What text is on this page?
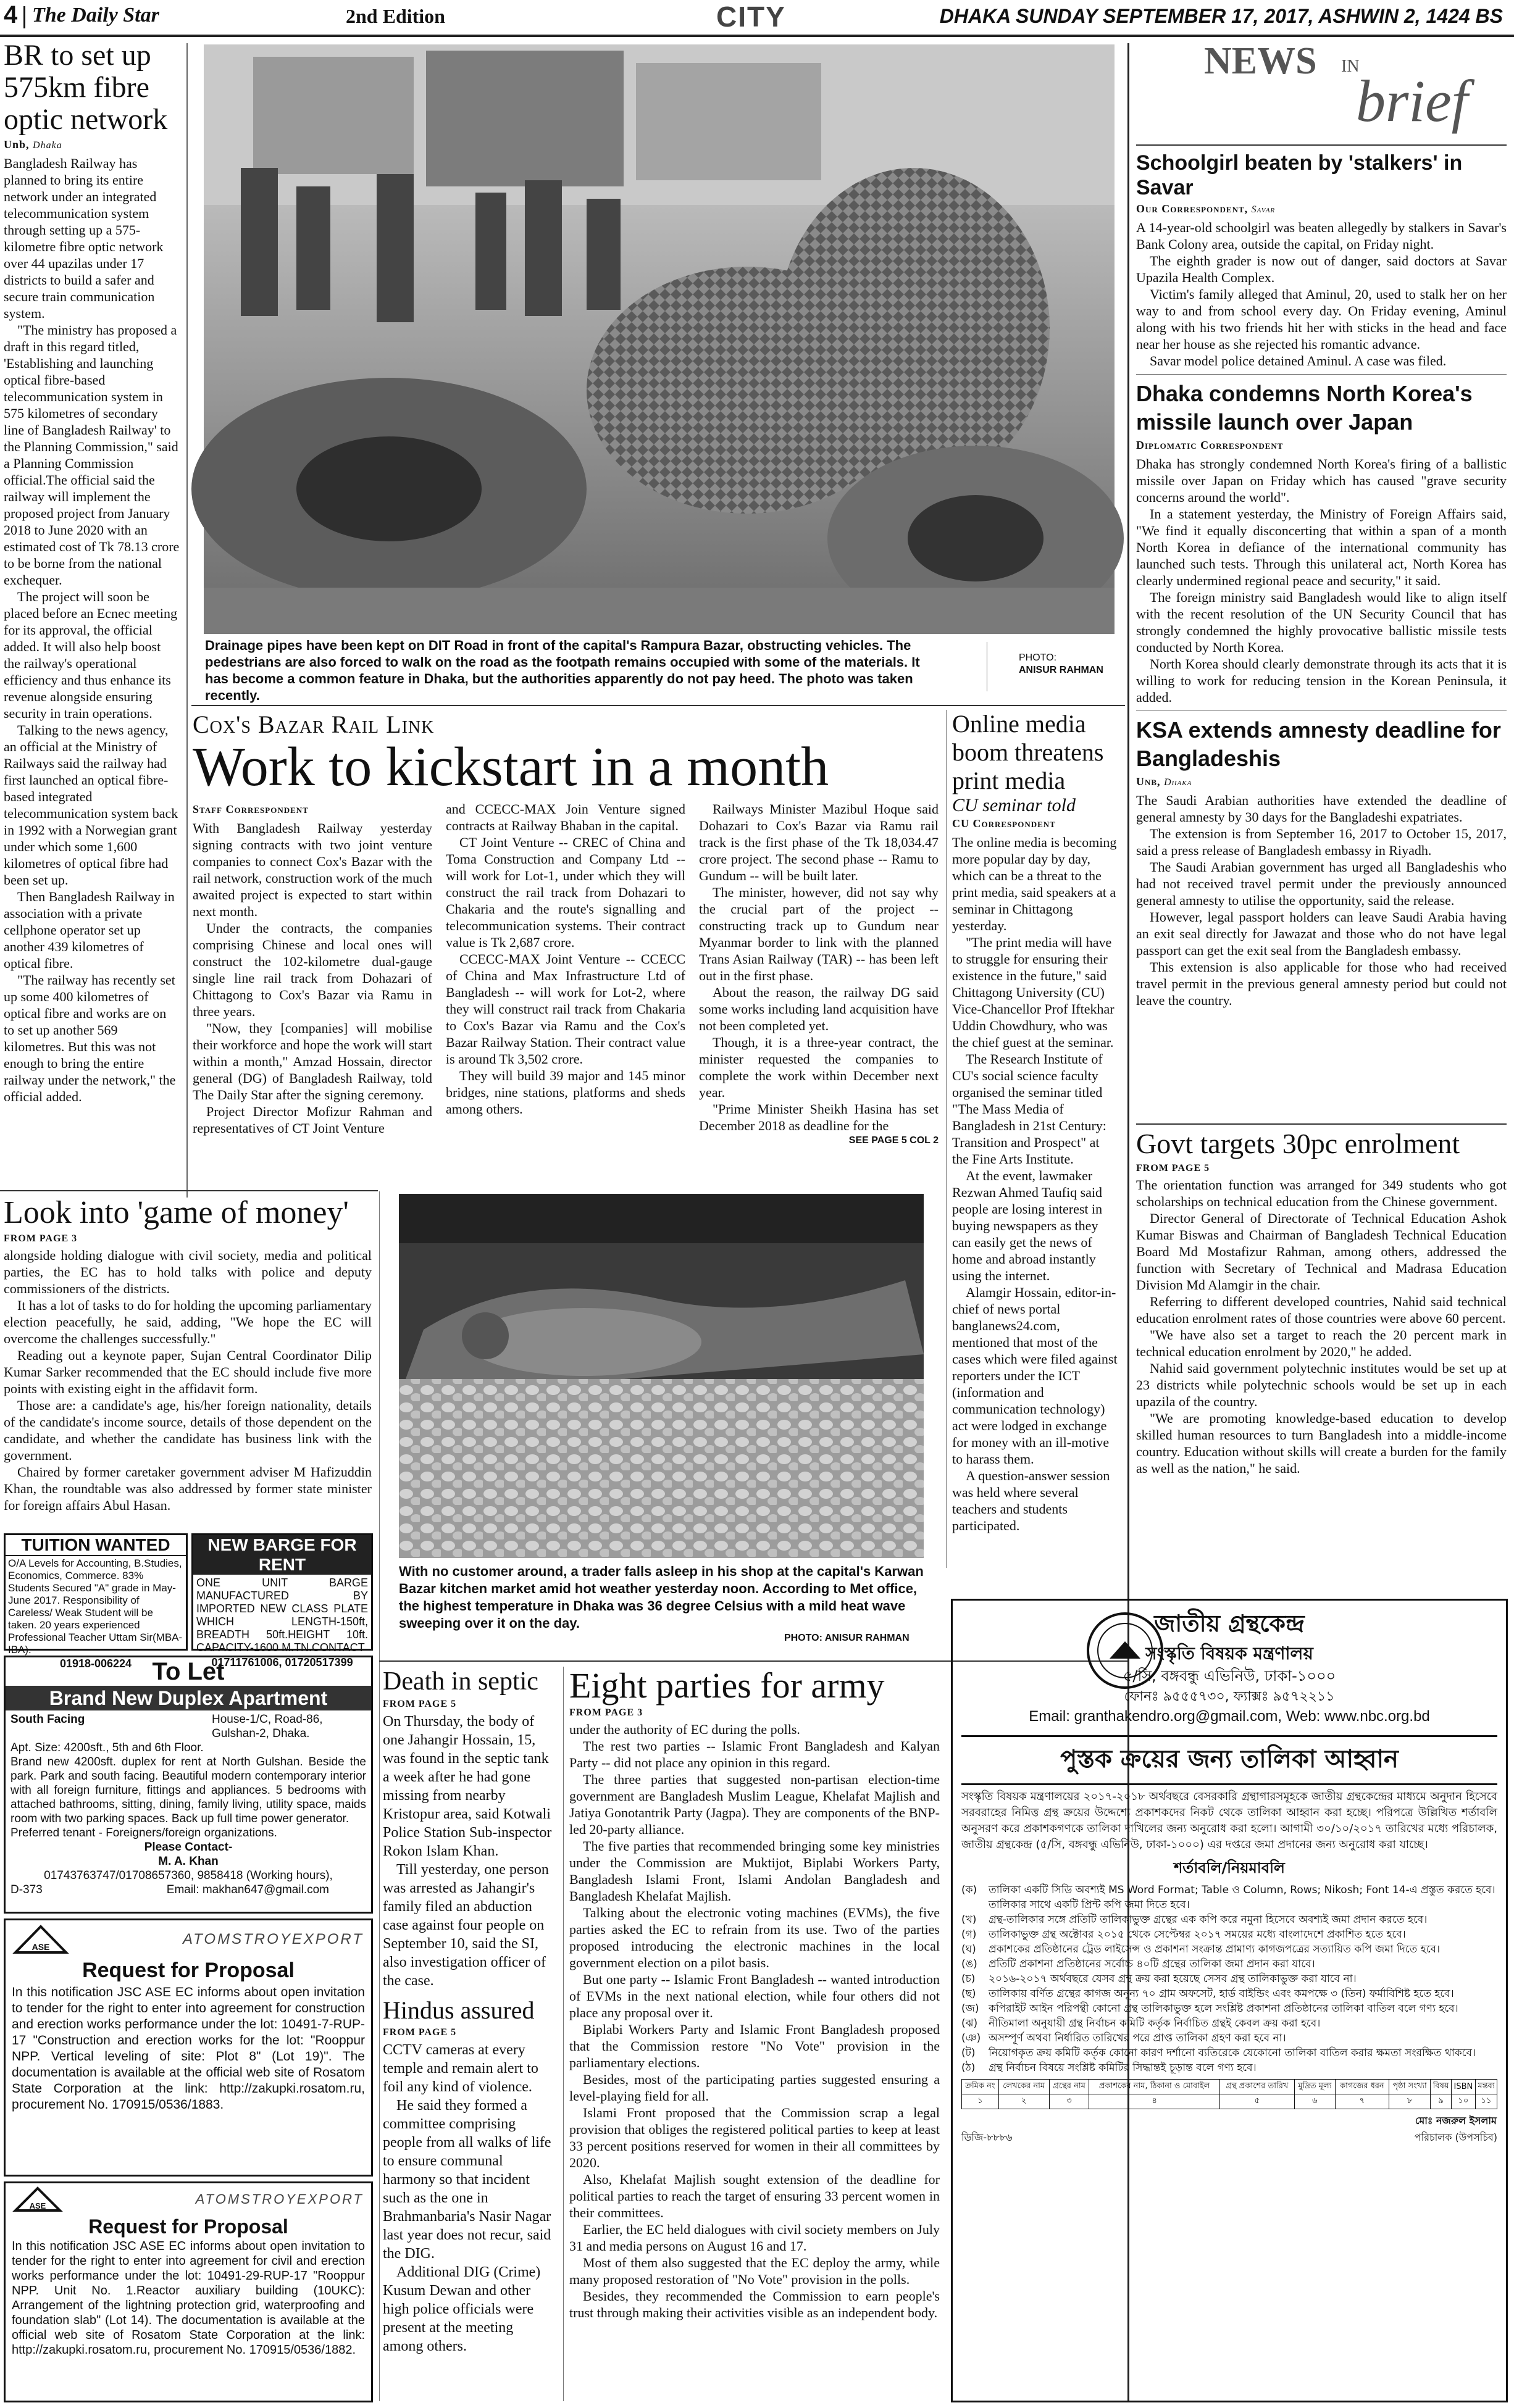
4 The Daily Star	2nd Edition	CITY	DHAKA SUNDAY SEPTEMBER 17, 2017, ASHWIN 2, 1424 BS
BR to set up 575km fibre optic network
Unb, Dhaka

Bangladesh Railway has planned to bring its entire network under an integrated telecommunication system through setting up a 575-kilometre fibre optic network over 44 upazilas under 17 districts to build a safer and secure train communication system.

"The ministry has proposed a draft in this regard titled, 'Establishing and launching optical fibre-based telecommunication system in 575 kilometres of secondary line of Bangladesh Railway' to the Planning Commission," said a Planning Commission official.The official said the railway will implement the proposed project from January 2018 to June 2020 with an estimated cost of Tk 78.13 crore to be borne from the national exchequer.

The project will soon be placed before an Ecnec meeting for its approval, the official added. It will also help boost the railway's operational efficiency and thus enhance its revenue alongside ensuring security in train operations.

Talking to the news agency, an official at the Ministry of Railways said the railway had first launched an optical fibre-based integrated telecommunication system back in 1992 with a Norwegian grant under which some 1,600 kilometres of optical fibre had been set up.

Then Bangladesh Railway in association with a private cellphone operator set up another 439 kilometres of optical fibre.

"The railway has recently set up some 400 kilometres of optical fibre and works are on to set up another 569 kilometres. But this was not enough to bring the entire railway under the network," the official added.

Drainage pipes have been kept on DIT Road in front of the capital's Rampura Bazar, obstructing vehicles. The pedestrians are also forced to walk on the road as the footpath remains occupied with some of the materials. It has become a common feature in Dhaka, but the authorities apparently do not pay heed. The photo was taken recently.
PHOTO:
ANISUR RAHMAN
Cox's Bazar Rail Link
Work to kickstart in a month
Staff Correspondent

With Bangladesh Railway yesterday signing contracts with two joint venture companies to connect Cox's Bazar with the rail network, construction work of the much awaited project is expected to start within next month.

Under the contracts, the companies comprising Chinese and local ones will construct the 102-kilometre dual-gauge single line rail track from Dohazari of Chittagong to Cox's Bazar via Ramu in three years.

"Now, they [companies] will mobilise their workforce and hope the work will start within a month," Amzad Hossain, director general (DG) of Bangladesh Railway, told The Daily Star after the signing ceremony.

Project Director Mofizur Rahman and representatives of CT Joint Venture

and CCECC-MAX Join Venture signed contracts at Railway Bhaban in the capital.

CT Joint Venture -- CREC of China and Toma Construction and Company Ltd -- will work for Lot-1, under which they will construct the rail track from Dohazari to Chakaria and the route's signalling and telecommunication systems. Their contract value is Tk 2,687 crore.

CCECC-MAX Joint Venture -- CCECC of China and Max Infrastructure Ltd of Bangladesh -- will work for Lot-2, where they will construct rail track from Chakaria to Cox's Bazar via Ramu and the Cox's Bazar Railway Station. Their contract value is around Tk 3,502 crore.

They will build 39 major and 145 minor bridges, nine stations, platforms and sheds among others.

Railways Minister Mazibul Hoque said Dohazari to Cox's Bazar via Ramu rail track is the first phase of the Tk 18,034.47 crore project. The second phase -- Ramu to Gundum -- will be built later.

The minister, however, did not say why the crucial part of the project -- constructing track up to Gundum near Myanmar border to link with the planned Trans Asian Railway (TAR) -- has been left out in the first phase.

About the reason, the railway DG said some works including land acquisition have not been completed yet.

Though, it is a three-year contract, the minister requested the companies to complete the work within December next year.

"Prime Minister Sheikh Hasina has set December 2018 as deadline for the

SEE PAGE 5 COL 2
Online media boom threatens print media
CU seminar told
CU Correspondent

The online media is becoming more popular day by day, which can be a threat to the print media, said speakers at a seminar in Chittagong yesterday.

"The print media will have to struggle for ensuring their existence in the future," said Chittagong University (CU) Vice-Chancellor Prof Iftekhar Uddin Chowdhury, who was the chief guest at the seminar.

The Research Institute of CU's social science faculty organised the seminar titled "The Mass Media of Bangladesh in 21st Century: Transition and Prospect" at the Fine Arts Institute.

At the event, lawmaker Rezwan Ahmed Taufiq said people are losing interest in buying newspapers as they can easily get the news of home and abroad instantly using the internet.

Alamgir Hossain, editor-in-chief of news portal banglanews24.com, mentioned that most of the cases which were filed against reporters under the ICT (information and communication technology) act were lodged in exchange for money with an ill-motive to harass them.

A question-answer session was held where several teachers and students participated.

Look into 'game of money'
FROM PAGE 3

alongside holding dialogue with civil society, media and political parties, the EC has to hold talks with police and deputy commissioners of the districts.

It has a lot of tasks to do for holding the upcoming parliamentary election peacefully, he said, adding, "We hope the EC will overcome the challenges successfully."

Reading out a keynote paper, Sujan Central Coordinator Dilip Kumar Sarker recommended that the EC should include five more points with existing eight in the affidavit form.

Those are: a candidate's age, his/her foreign nationality, details of the candidate's income source, details of those dependent on the candidate, and whether the candidate has business link with the government.

Chaired by former caretaker government adviser M Hafizuddin Khan, the roundtable was also addressed by former state minister for foreign affairs Abul Hasan.

TUITION WANTED
O/A Levels for Accounting, B.Studies, Economics, Commerce. 83% Students Secured "A" grade in May-June 2017. Responsibility of Careless/ Weak Student will be taken. 20 years experienced Professional Teacher Uttam Sir(MBA-IBA).
01918-006224
NEW BARGE FOR RENT
ONE UNIT BARGE MANUFACTURED BY IMPORTED NEW CLASS PLATE WHICH LENGTH-150ft, BREADTH 50ft.HEIGHT 10ft. CAPACITY-1600 M.TN.CONTACT
01711761006, 01720517399
To Let
Brand New Duplex Apartment
South Facing	House-1/C, Road-86, Gulshan-2, Dhaka.
Apt. Size: 4200sft., 5th and 6th Floor.
Brand new 4200sft. duplex for rent at North Gulshan. Beside the park. Park and south facing. Beautiful modern contemporary interior with all foreign furniture, fittings and appliances. 5 bedrooms with attached bathrooms, sitting, dining, family living, utility space, maids room with two parking spaces. Back up full time power generator.
Preferred tenant - Foreigners/foreign organizations.
Please Contact-
M. A. Khan
01743763747/01708657360, 9858418 (Working hours),
D-373	Email: makhan647@gmail.com
ASE	ATOMSTROYEXPORT
Request for Proposal
In this notification JSC ASE EC informs about open invitation to tender for the right to enter into agreement for construction and erection works performance under the lot: 10491-7-RUP-17 "Construction and erection works for the lot: "Rooppur NPP. Vertical leveling of site: Plot 8" (Lot 19)". The documentation is available at the official web site of Rosatom State Corporation at the link: http://zakupki.rosatom.ru, procurement No. 170915/0536/1883.
ASE	ATOMSTROYEXPORT
Request for Proposal
In this notification JSC ASE EC informs about open invitation to tender for the right to enter into agreement for civil and erection works performance under the lot: 10491-29-RUP-17 "Rooppur NPP. Unit No. 1.Reactor auxiliary building (10UKC): Arrangement of the lightning protection grid, waterproofing and foundation slab" (Lot 14). The documentation is available at the official web site of Rosatom State Corporation at the link: http://zakupki.rosatom.ru, procurement No. 170915/0536/1882.
With no customer around, a trader falls asleep in his shop at the capital's Karwan Bazar kitchen market amid hot weather yesterday noon. According to Met office, the highest temperature in Dhaka was 36 degree Celsius with a mild heat wave sweeping over it on the day.
PHOTO: ANISUR RAHMAN
Death in septic
FROM PAGE 5

On Thursday, the body of one Jahangir Hossain, 15, was found in the septic tank a week after he had gone missing from nearby Kristopur area, said Kotwali Police Station Sub-inspector Rokon Islam Khan.

Till yesterday, one person was arrested as Jahangir's family filed an abduction case against four people on September 10, said the SI, also investigation officer of the case.

Hindus assured
FROM PAGE 5

CCTV cameras at every temple and remain alert to foil any kind of violence.

He said they formed a committee comprising people from all walks of life to ensure communal harmony so that incident such as the one in Brahmanbaria's Nasir Nagar last year does not recur, said the DIG.

Additional DIG (Crime) Kusum Dewan and other high police officials were present at the meeting among others.

Eight parties for army
FROM PAGE 3

under the authority of EC during the polls.

The rest two parties -- Islamic Front Bangladesh and Kalyan Party -- did not place any opinion in this regard.

The three parties that suggested non-partisan election-time government are Bangladesh Muslim League, Khelafat Majlish and Jatiya Gonotantrik Party (Jagpa). They are components of the BNP-led 20-party alliance.

The five parties that recommended bringing some key ministries under the Commission are Muktijot, Biplabi Workers Party, Bangladesh Islami Front, Islami Andolan Bangladesh and Bangladesh Khelafat Majlish.

Talking about the electronic voting machines (EVMs), the five parties asked the EC to refrain from its use. Two of the parties proposed introducing the electronic machines in the local government election on a pilot basis.

But one party -- Islamic Front Bangladesh -- wanted introduction of EVMs in the next national election, while four others did not place any proposal over it.

Biplabi Workers Party and Islamic Front Bangladesh proposed that the Commission restore "No Vote" provision in the parliamentary elections.

Besides, most of the participating parties suggested ensuring a level-playing field for all.

Islami Front proposed that the Commission scrap a legal provision that obliges the registered political parties to keep at least 33 percent positions reserved for women in their all committees by 2020.

Also, Khelafat Majlish sought extension of the deadline for political parties to reach the target of ensuring 33 percent women in their committees.

Earlier, the EC held dialogues with civil society members on July 31 and media persons on August 16 and 17.

Most of them also suggested that the EC deploy the army, while many proposed restoration of "No Vote" provision in the polls.

Besides, they recommended the Commission to earn people's trust through making their activities visible as an independent body.

NEWS IN
brief
Schoolgirl beaten by 'stalkers' in Savar
Our Correspondent, Savar

A 14-year-old schoolgirl was beaten allegedly by stalkers in Savar's Bank Colony area, outside the capital, on Friday night.

The eighth grader is now out of danger, said doctors at Savar Upazila Health Complex.

Victim's family alleged that Aminul, 20, used to stalk her on her way to and from school every day. On Friday evening, Aminul along with his two friends hit her with sticks in the head and face near her house as she rejected his romantic advance.

Savar model police detained Aminul. A case was filed.

Dhaka condemns North Korea's missile launch over Japan
Diplomatic Correspondent

Dhaka has strongly condemned North Korea's firing of a ballistic missile over Japan on Friday which has caused "grave security concerns around the world".

In a statement yesterday, the Ministry of Foreign Affairs said, "We find it equally disconcerting that within a span of a month North Korea in defiance of the international community has launched such tests. Through this unilateral act, North Korea has clearly undermined regional peace and security," it said.

The foreign ministry said Bangladesh would like to align itself with the recent resolution of the UN Security Council that has strongly condemned the highly provocative ballistic missile tests conducted by North Korea.

North Korea should clearly demonstrate through its acts that it is willing to work for reducing tension in the Korean Peninsula, it added.

KSA extends amnesty deadline for Bangladeshis
Unb, Dhaka

The Saudi Arabian authorities have extended the deadline of general amnesty by 30 days for the Bangladeshi expatriates.

The extension is from September 16, 2017 to October 15, 2017, said a press release of Bangladesh embassy in Riyadh.

The Saudi Arabian government has urged all Bangladeshis who had not received travel permit under the previously announced general amnesty to utilise the opportunity, said the release.

However, legal passport holders can leave Saudi Arabia having an exit seal directly for Jawazat and those who do not have legal passport can get the exit seal from the Bangladesh embassy.

This extension is also applicable for those who had received travel permit in the previous general amnesty period but could not leave the country.

Govt targets 30pc enrolment
FROM PAGE 5

The orientation function was arranged for 349 students who got scholarships on technical education from the Chinese government.

Director General of Directorate of Technical Education Ashok Kumar Biswas and Chairman of Bangladesh Technical Education Board Md Mostafizur Rahman, among others, addressed the function with Secretary of Technical and Madrasa Education Division Md Alamgir in the chair.

Referring to different developed countries, Nahid said technical education enrolment rates of those countries were above 60 percent.

"We have also set a target to reach the 20 percent mark in technical education enrolment by 2020," he added.

Nahid said government polytechnic institutes would be set up at 23 districts while polytechnic schools would be set up in each upazila of the country.

"We are promoting knowledge-based education to develop skilled human resources to turn Bangladesh into a middle-income country. Education without skills will create a burden for the family as well as the nation," he said.

জাতীয় গ্রন্থকেন্দ্র
সংস্কৃতি বিষয়ক মন্ত্রণালয়
৫/সি, বঙ্গবন্ধু এভিনিউ, ঢাকা-১০০০
ফোনঃ ৯৫৫৫৭৩০, ফ্যাক্সঃ ৯৫৭২২১১
Email: granthakendro.org@gmail.com, Web: www.nbc.org.bd
পুস্তক ক্রয়ের জন্য তালিকা আহ্বান
সংস্কৃতি বিষয়ক মন্ত্রণালয়ের ২০১৭-২০১৮ অর্থবছরে বেসরকারি গ্রন্থাগারসমূহকে জাতীয় গ্রন্থকেন্দ্রের মাধ্যমে অনুদান হিসেবে সরবরাহের নিমিত্ত গ্রন্থ ক্রয়ের উদ্দেশ্যে প্রকাশকদের নিকট থেকে তালিকা আহ্বান করা হচ্ছে। পরিপত্রে উল্লিখিত শর্তাবলি অনুসরণ করে প্রকাশকগণকে তালিকা দাখিলের জন্য অনুরোধ করা হলো। আগামী ৩০/১০/২০১৭ তারিখের মধ্যে পরিচালক, জাতীয় গ্রন্থকেন্দ্র (৫/সি, বঙ্গবন্ধু এভিনিউ, ঢাকা-১০০০) এর দপ্তরে জমা প্রদানের জন্য অনুরোধ করা যাচ্ছে।
শর্তাবলি/নিয়মাবলি
(ক)	তালিকা একটি সিডি অবশ্যই MS Word Format; Table ও Column, Rows; Nikosh; Font 14-এ প্রস্তুত করতে হবে। তালিকার সাথে একটি প্রিন্ট কপি জমা দিতে হবে।
(খ)	গ্রন্থ-তালিকার সঙ্গে প্রতিটি তালিকাভুক্ত গ্রন্থের এক কপি করে নমুনা হিসেবে অবশ্যই জমা প্রদান করতে হবে।
(গ)	তালিকাভুক্ত গ্রন্থ অক্টোবর ২০১৫ থেকে সেপ্টেম্বর ২০১৭ সময়ের মধ্যে বাংলাদেশে প্রকাশিত হতে হবে।
(ঘ)	প্রকাশকের প্রতিষ্ঠানের ট্রেড লাইসেন্স ও প্রকাশনা সংক্রান্ত প্রামাণ্য কাগজপত্রের সত্যায়িত কপি জমা দিতে হবে।
(ঙ)	প্রতিটি প্রকাশনা প্রতিষ্ঠানের সর্বোচ্চ ৪০টি গ্রন্থের তালিকা জমা প্রদান করা যাবে।
(চ)	২০১৬-২০১৭ অর্থবছরে যেসব গ্রন্থ ক্রয় করা হয়েছে সেসব গ্রন্থ তালিকাভুক্ত করা যাবে না।
(ছ)	তালিকায় বর্ণিত গ্রন্থের কাগজ অনূন্য ৭০ গ্রাম অফসেট, হার্ড বাইন্ডিং এবং কমপক্ষে ৩ (তিন) ফর্মাবিশিষ্ট হতে হবে।
(জ) কপিরাইট আইন পরিপন্থী কোনো গ্রন্থ তালিকাভুক্ত হলে সংশ্লিষ্ট প্রকাশনা প্রতিষ্ঠানের তালিকা বাতিল বলে গণ্য হবে।
(ঝ)	নীতিমালা অনুযায়ী গ্রন্থ নির্বাচন কমিটি কর্তৃক নির্বাচিত গ্রন্থই কেবল ক্রয় করা হবে।
(ঞ) অসম্পূর্ণ অথবা নির্ধারিত তারিখের পরে প্রাপ্ত তালিকা গ্রহণ করা হবে না।
(ট)	নিয়োগকৃত ক্রয় কমিটি কর্তৃক কোনো কারণ দর্শানো ব্যতিরেকে যেকোনো তালিকা বাতিল করার ক্ষমতা সংরক্ষিত থাকবে।
(ঠ)	গ্রন্থ নির্বাচন বিষয়ে সংশ্লিষ্ট কমিটির সিদ্ধান্তই চূড়ান্ত বলে গণ্য হবে।
ক্রমিক নং	লেখকের নাম	গ্রন্থের নাম	প্রকাশকের নাম, ঠিকানা ও মোবাইল	গ্রন্থ প্রকাশের তারিখ	মুদ্রিত মূল্য	কাগজের ধরন	পৃষ্ঠা সংখ্যা	বিষয়	ISBN	মন্তব্য
১	২	৩	৪	৫	৬	৭	৮	৯	১০	১১
ডিজি-৮৮৮৬
মোঃ নজরুল ইসলাম
পরিচালক (উপসচিব)
